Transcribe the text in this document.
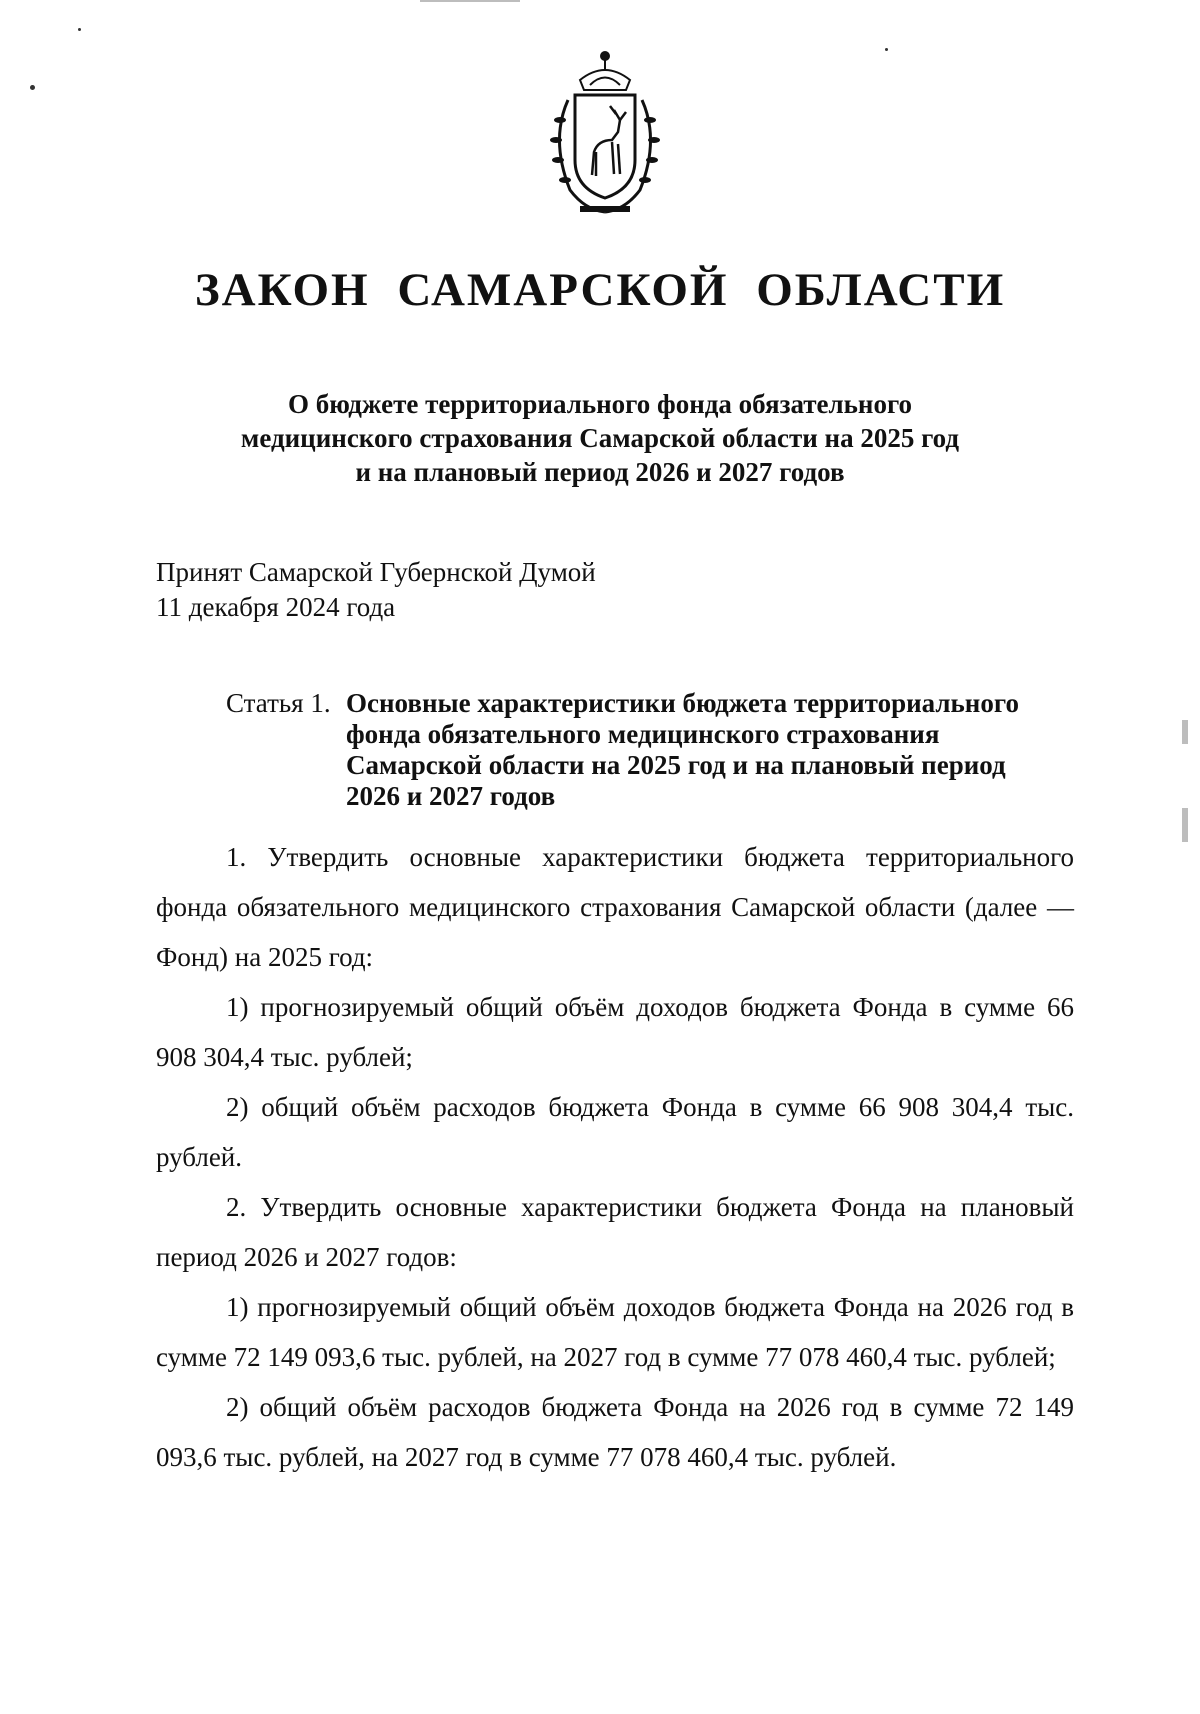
ЗАКОН САМАРСКОЙ ОБЛАСТИ
О бюджете территориального фонда обязательного
медицинского страхования Самарской области на 2025 год
и на плановый период 2026 и 2027 годов
Принят Самарской Губернской Думой
11 декабря 2024 года
Статья 1. Основные характеристики бюджета территориального
фонда обязательного медицинского страхования
Самарской области на 2025 год и на плановый период
2026 и 2027 годов

1. Утвердить основные характеристики бюджета территориального фонда обязательного медицинского страхования Самарской области (далее — Фонд) на 2025 год:

1) прогнозируемый общий объём доходов бюджета Фонда в сумме 66 908 304,4 тыс. рублей;

2) общий объём расходов бюджета Фонда в сумме 66 908 304,4 тыс. рублей.

2. Утвердить основные характеристики бюджета Фонда на плановый период 2026 и 2027 годов:

1) прогнозируемый общий объём доходов бюджета Фонда на 2026 год в сумме 72 149 093,6 тыс. рублей, на 2027 год в сумме 77 078 460,4 тыс. рублей;

2) общий объём расходов бюджета Фонда на 2026 год в сумме 72 149 093,6 тыс. рублей, на 2027 год в сумме 77 078 460,4 тыс. рублей.
